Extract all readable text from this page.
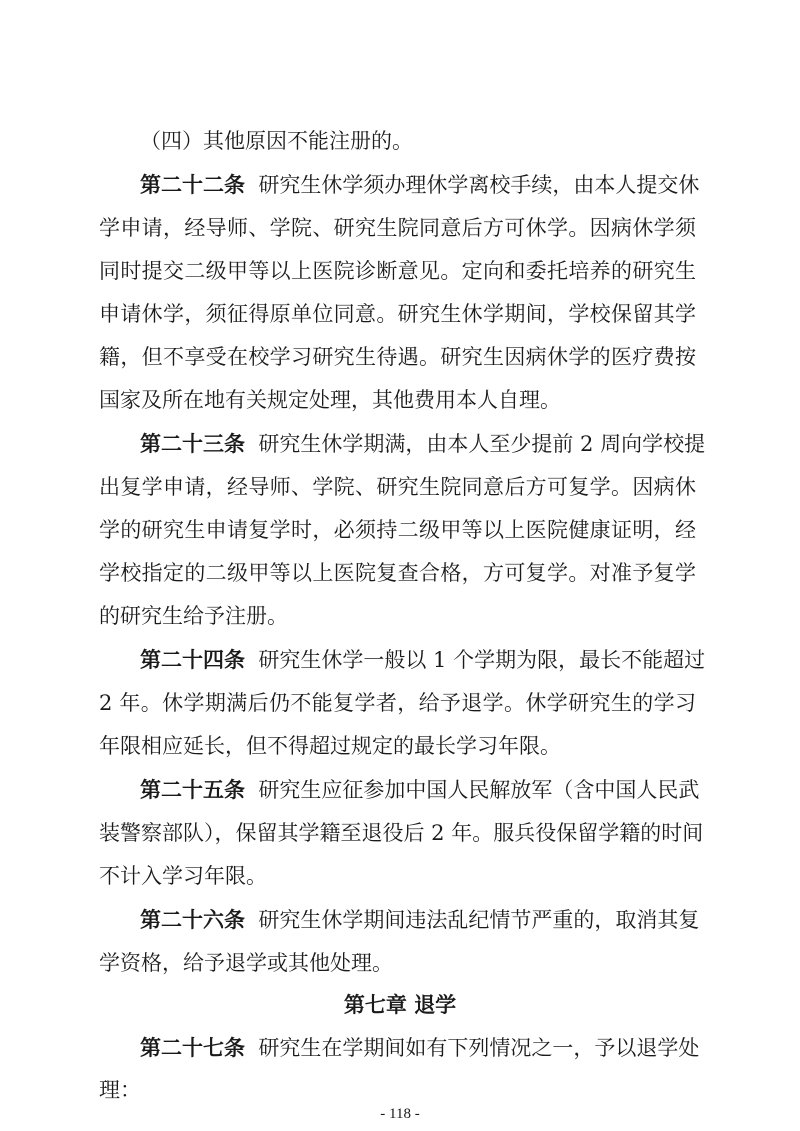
（四）其他原因不能注册的。
第二十二条 研究生休学须办理休学离校手续，由本人提交休
学申请，经导师、学院、研究生院同意后方可休学。因病休学须
同时提交二级甲等以上医院诊断意见。定向和委托培养的研究生
申请休学，须征得原单位同意。研究生休学期间，学校保留其学
籍，但不享受在校学习研究生待遇。研究生因病休学的医疗费按
国家及所在地有关规定处理，其他费用本人自理。
第二十三条 研究生休学期满，由本人至少提前 2 周向学校提
出复学申请，经导师、学院、研究生院同意后方可复学。因病休
学的研究生申请复学时，必须持二级甲等以上医院健康证明，经
学校指定的二级甲等以上医院复查合格，方可复学。对准予复学
的研究生给予注册。
第二十四条 研究生休学一般以 1 个学期为限，最长不能超过
2 年。休学期满后仍不能复学者，给予退学。休学研究生的学习
年限相应延长，但不得超过规定的最长学习年限。
第二十五条 研究生应征参加中国人民解放军（含中国人民武
装警察部队），保留其学籍至退役后 2 年。服兵役保留学籍的时间
不计入学习年限。
第二十六条 研究生休学期间违法乱纪情节严重的，取消其复
学资格，给予退学或其他处理。
第七章 退学
第二十七条 研究生在学期间如有下列情况之一，予以退学处
理：
- 118 -
